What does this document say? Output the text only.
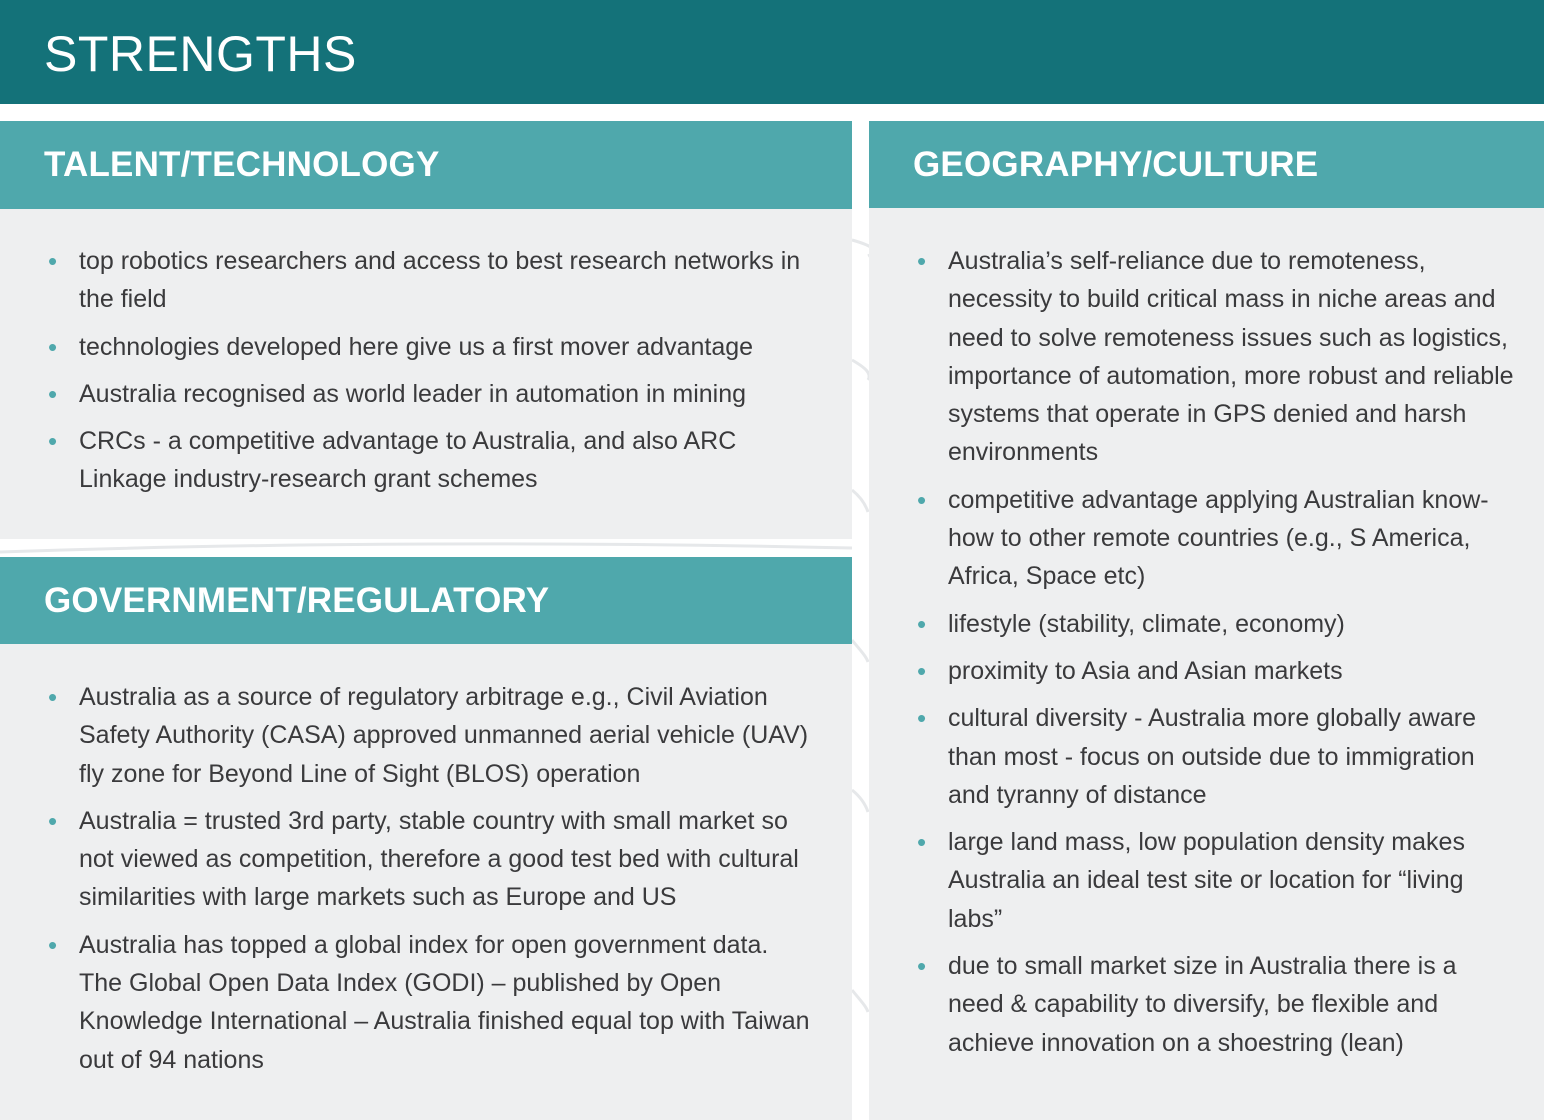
STRENGTHS
TALENT/TECHNOLOGY
• top robotics researchers and access to best research networks in the field
• technologies developed here give us a first mover advantage
• Australia recognised as world leader in automation in mining
• CRCs - a competitive advantage to Australia, and also ARC Linkage industry-research grant schemes
GOVERNMENT/REGULATORY
• Australia as a source of regulatory arbitrage e.g., Civil Aviation Safety Authority (CASA) approved unmanned aerial vehicle (UAV) fly zone for Beyond Line of Sight (BLOS) operation
• Australia = trusted 3rd party, stable country with small market so not viewed as competition, therefore a good test bed with cultural similarities with large markets such as Europe and US
• Australia has topped a global index for open government data. The Global Open Data Index (GODI) – published by Open Knowledge International – Australia finished equal top with Taiwan out of 94 nations
GEOGRAPHY/CULTURE
• Australia’s self-reliance due to remoteness, necessity to build critical mass in niche areas and need to solve remoteness issues such as logistics, importance of automation, more robust and reliable systems that operate in GPS denied and harsh environments
• competitive advantage applying Australian know-how to other remote countries (e.g., S America, Africa, Space etc)
• lifestyle (stability, climate, economy)
• proximity to Asia and Asian markets
• cultural diversity - Australia more globally aware than most - focus on outside due to immigration and tyranny of distance
• large land mass, low population density makes Australia an ideal test site or location for “living labs”
• due to small market size in Australia there is a need & capability to diversify, be flexible and achieve innovation on a shoestring (lean)
